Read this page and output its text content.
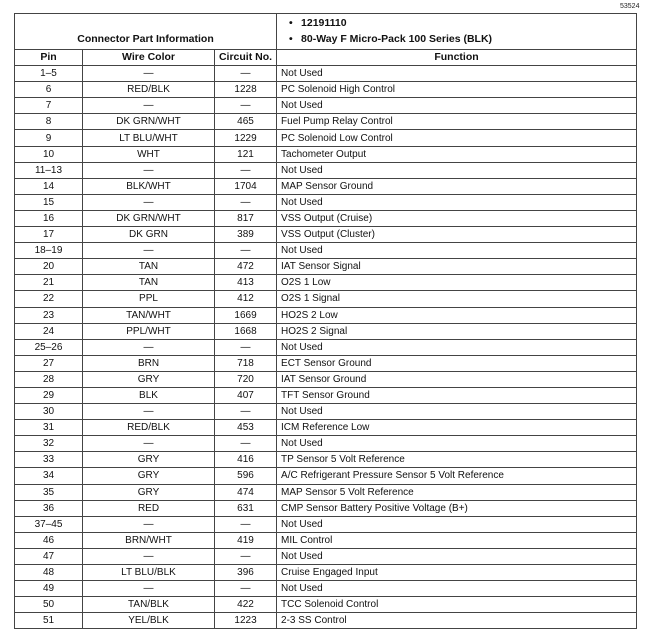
53524
Connector Part Information			• 12191110
• 80-Way F Micro-Pack 100 Series (BLK)

Pin	Wire Color	Circuit No.	Function
1–5	—	—	Not Used
6	RED/BLK	1228	PC Solenoid High Control
7	—	—	Not Used
8	DK GRN/WHT	465	Fuel Pump Relay Control
9	LT BLU/WHT	1229	PC Solenoid Low Control
10	WHT	121	Tachometer Output
11–13	—	—	Not Used
14	BLK/WHT	1704	MAP Sensor Ground
15	—	—	Not Used
16	DK GRN/WHT	817	VSS Output (Cruise)
17	DK GRN	389	VSS Output (Cluster)
18–19	—	—	Not Used
20	TAN	472	IAT Sensor Signal
21	TAN	413	O2S 1 Low
22	PPL	412	O2S 1 Signal
23	TAN/WHT	1669	HO2S 2 Low
24	PPL/WHT	1668	HO2S 2 Signal
25–26	—	—	Not Used
27	BRN	718	ECT Sensor Ground
28	GRY	720	IAT Sensor Ground
29	BLK	407	TFT Sensor Ground
30	—	—	Not Used
31	RED/BLK	453	ICM Reference Low
32	—	—	Not Used
33	GRY	416	TP Sensor 5 Volt Reference
34	GRY	596	A/C Refrigerant Pressure Sensor 5 Volt Reference
35	GRY	474	MAP Sensor 5 Volt Reference
36	RED	631	CMP Sensor Battery Positive Voltage (B+)
37–45	—	—	Not Used
46	BRN/WHT	419	MIL Control
47	—	—	Not Used
48	LT BLU/BLK	396	Cruise Engaged Input
49	—	—	Not Used
50	TAN/BLK	422	TCC Solenoid Control
51	YEL/BLK	1223	2-3 SS Control
